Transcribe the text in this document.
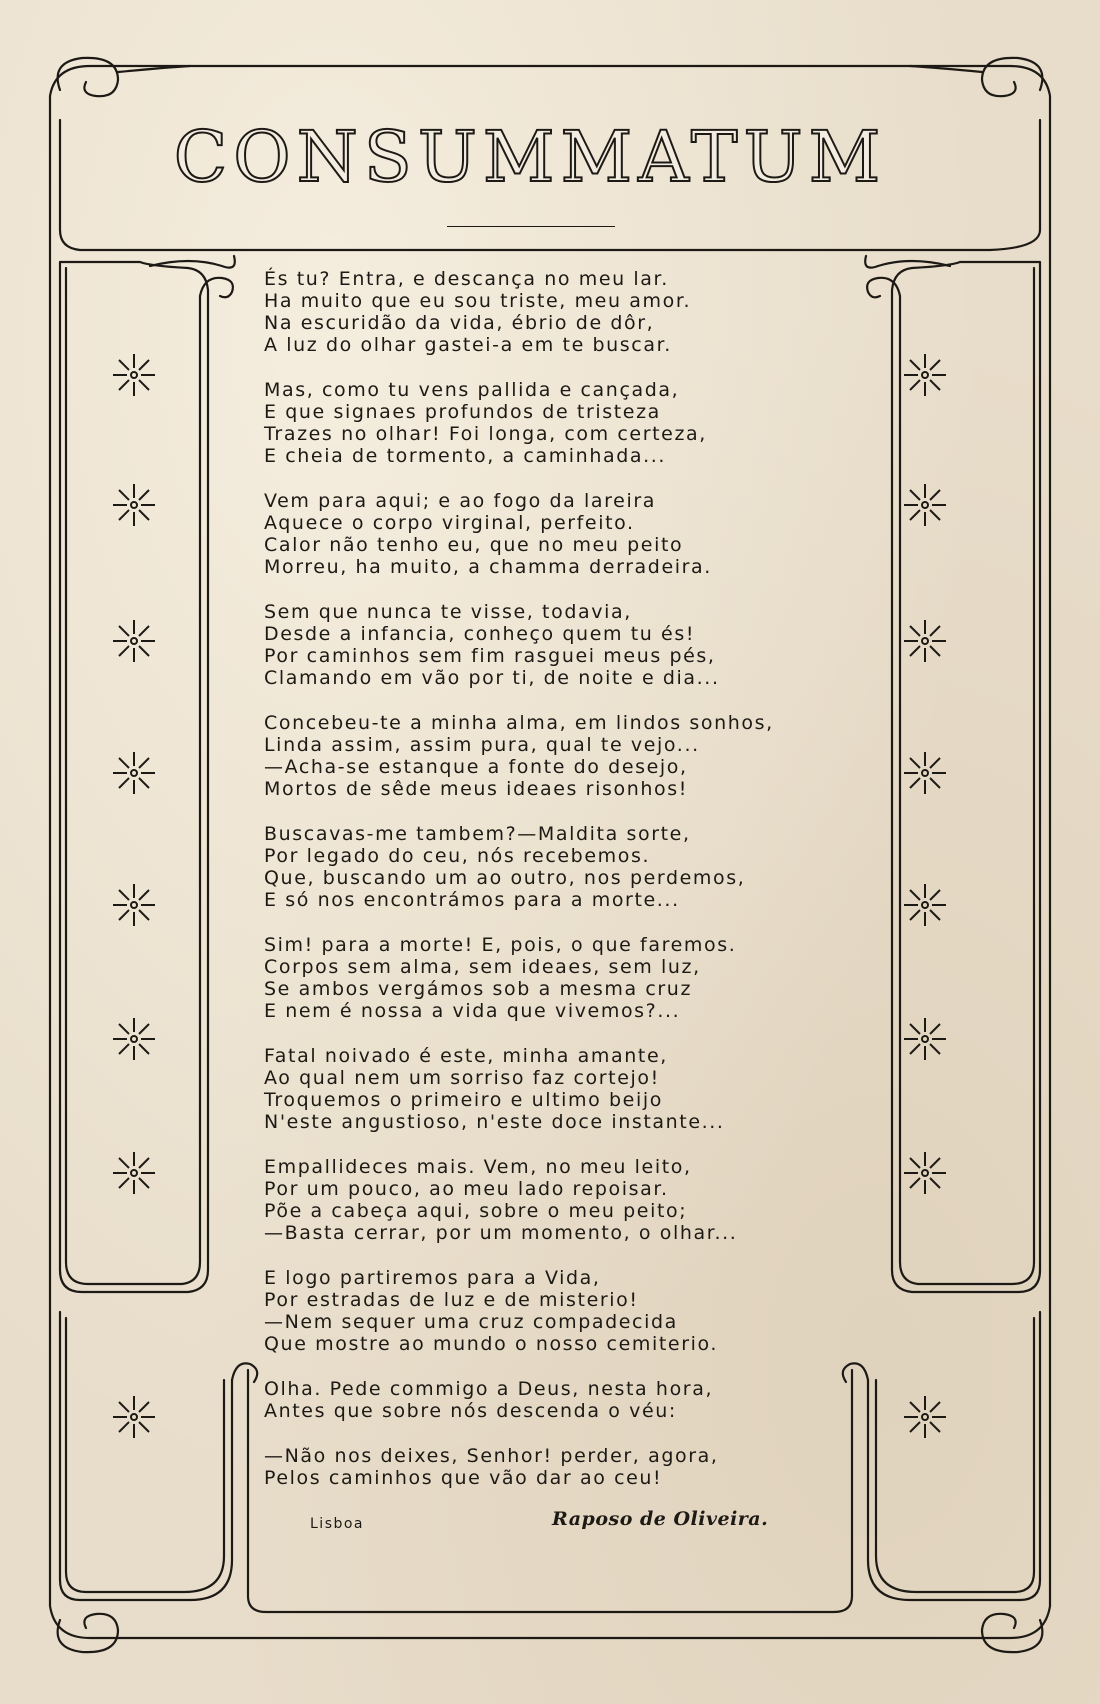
CONSUMMATUM
És tu? Entra, e descança no meu lar.
Ha muito que eu sou triste, meu amor.
Na escuridão da vida, ébrio de dôr,
A luz do olhar gastei-a em te buscar.
Mas, como tu vens pallida e cançada,
E que signaes profundos de tristeza
Trazes no olhar! Foi longa, com certeza,
E cheia de tormento, a caminhada...
Vem para aqui; e ao fogo da lareira
Aquece o corpo virginal, perfeito.
Calor não tenho eu, que no meu peito
Morreu, ha muito, a chamma derradeira.
Sem que nunca te visse, todavia,
Desde a infancia, conheço quem tu és!
Por caminhos sem fim rasguei meus pés,
Clamando em vão por ti, de noite e dia...
Concebeu-te a minha alma, em lindos sonhos,
Linda assim, assim pura, qual te vejo...
—Acha-se estanque a fonte do desejo,
Mortos de sêde meus ideaes risonhos!
Buscavas-me tambem?—Maldita sorte,
Por legado do ceu, nós recebemos.
Que, buscando um ao outro, nos perdemos,
E só nos encontrámos para a morte...
Sim! para a morte! E, pois, o que faremos.
Corpos sem alma, sem ideaes, sem luz,
Se ambos vergámos sob a mesma cruz
E nem é nossa a vida que vivemos?...
Fatal noivado é este, minha amante,
Ao qual nem um sorriso faz cortejo!
Troquemos o primeiro e ultimo beijo
N'este angustioso, n'este doce instante...
Empallideces mais. Vem, no meu leito,
Por um pouco, ao meu lado repoisar.
Põe a cabeça aqui, sobre o meu peito;
—Basta cerrar, por um momento, o olhar...
E logo partiremos para a Vida,
Por estradas de luz e de misterio!
—Nem sequer uma cruz compadecida
Que mostre ao mundo o nosso cemiterio.
Olha. Pede commigo a Deus, nesta hora,
Antes que sobre nós descenda o véu:
—Não nos deixes, Senhor! perder, agora,
Pelos caminhos que vão dar ao ceu!
Lisboa	Raposo de Oliveira.
